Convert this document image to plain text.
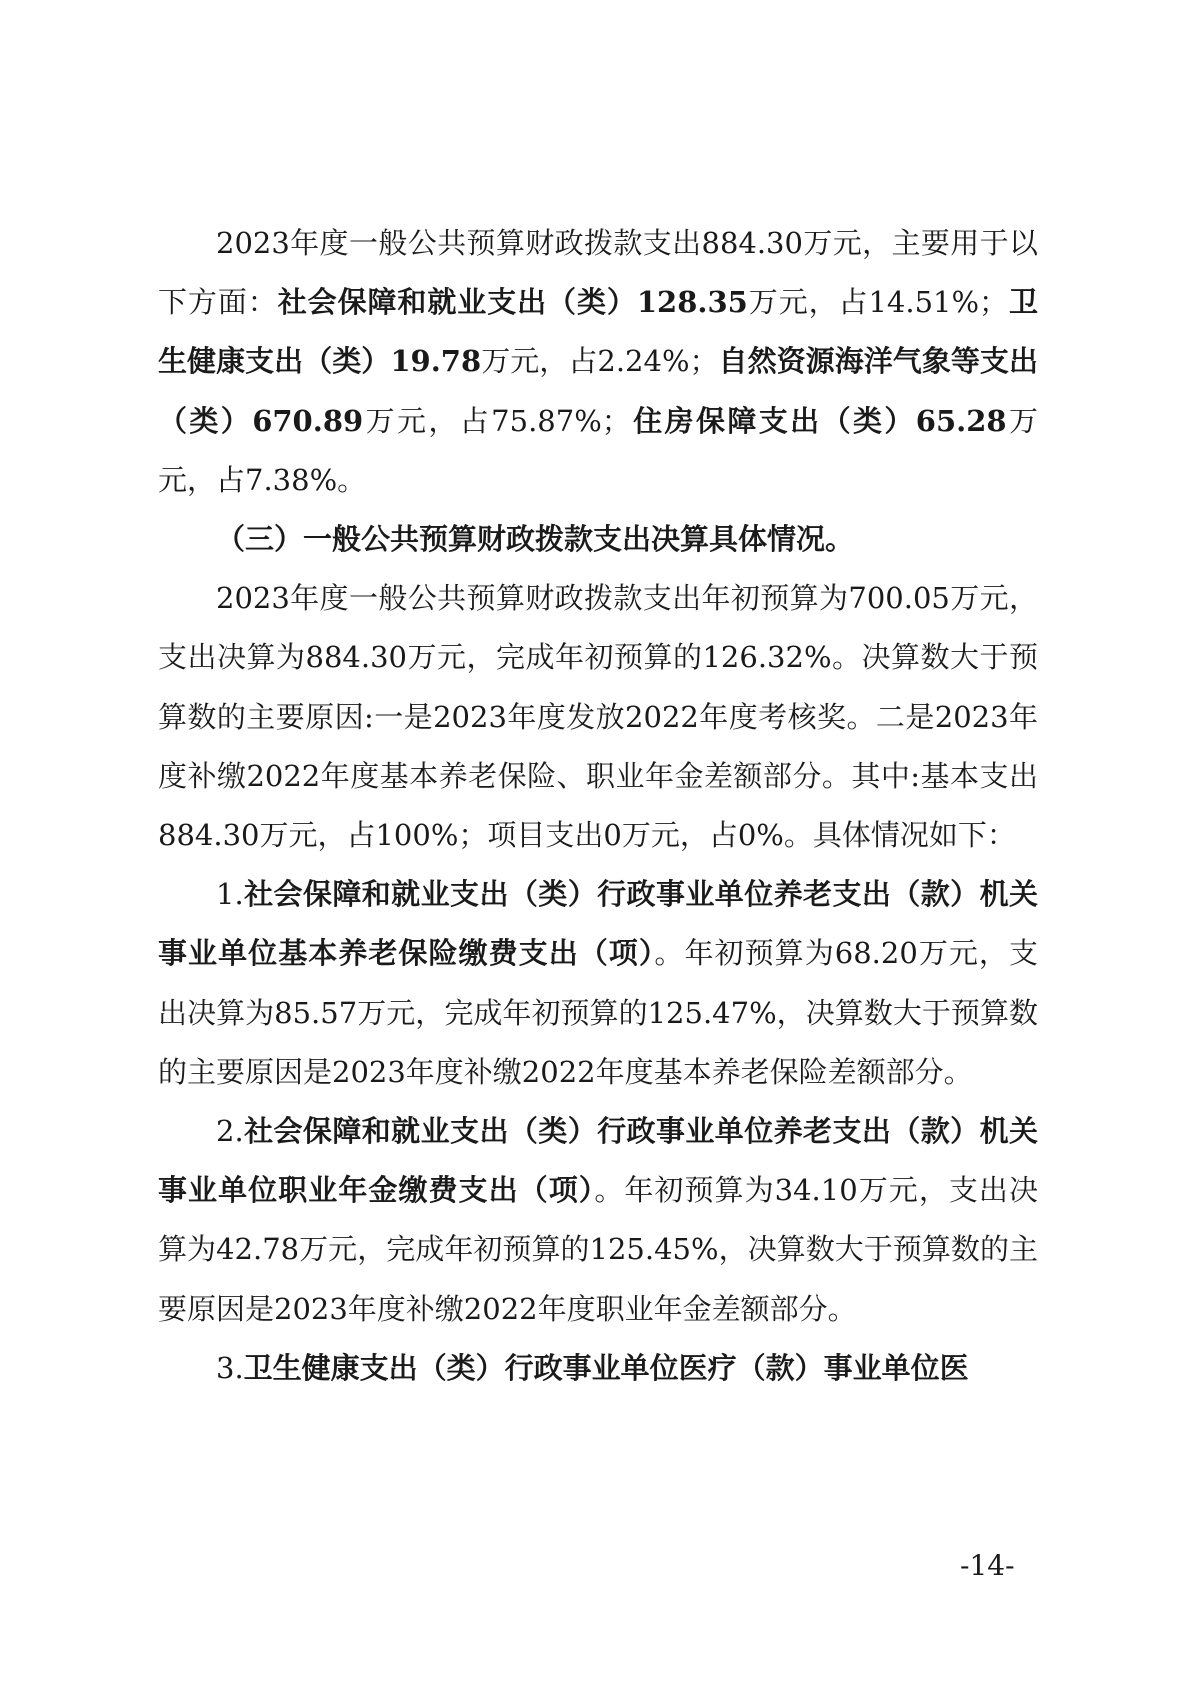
2023年度一般公共预算财政拨款支出884.30万元，主要用于以下方面：社会保障和就业支出（类）128.35万元，占14.51%；卫生健康支出（类）19.78万元，占2.24%；自然资源海洋气象等支出（类）670.89万元，占75.87%；住房保障支出（类）65.28万元，占7.38%。

（三）一般公共预算财政拨款支出决算具体情况。

2023年度一般公共预算财政拨款支出年初预算为700.05万元，支出决算为884.30万元，完成年初预算的126.32%。决算数大于预算数的主要原因:一是2023年度发放2022年度考核奖。二是2023年度补缴2022年度基本养老保险、职业年金差额部分。其中:基本支出884.30万元，占100%；项目支出0万元，占0%。具体情况如下：

1.社会保障和就业支出（类）行政事业单位养老支出（款）机关事业单位基本养老保险缴费支出（项）。年初预算为68.20万元，支出决算为85.57万元，完成年初预算的125.47%，决算数大于预算数的主要原因是2023年度补缴2022年度基本养老保险差额部分。

2.社会保障和就业支出（类）行政事业单位养老支出（款）机关事业单位职业年金缴费支出（项）。年初预算为34.10万元，支出决算为42.78万元，完成年初预算的125.45%，决算数大于预算数的主要原因是2023年度补缴2022年度职业年金差额部分。

3.卫生健康支出（类）行政事业单位医疗（款）事业单位医

-14-
